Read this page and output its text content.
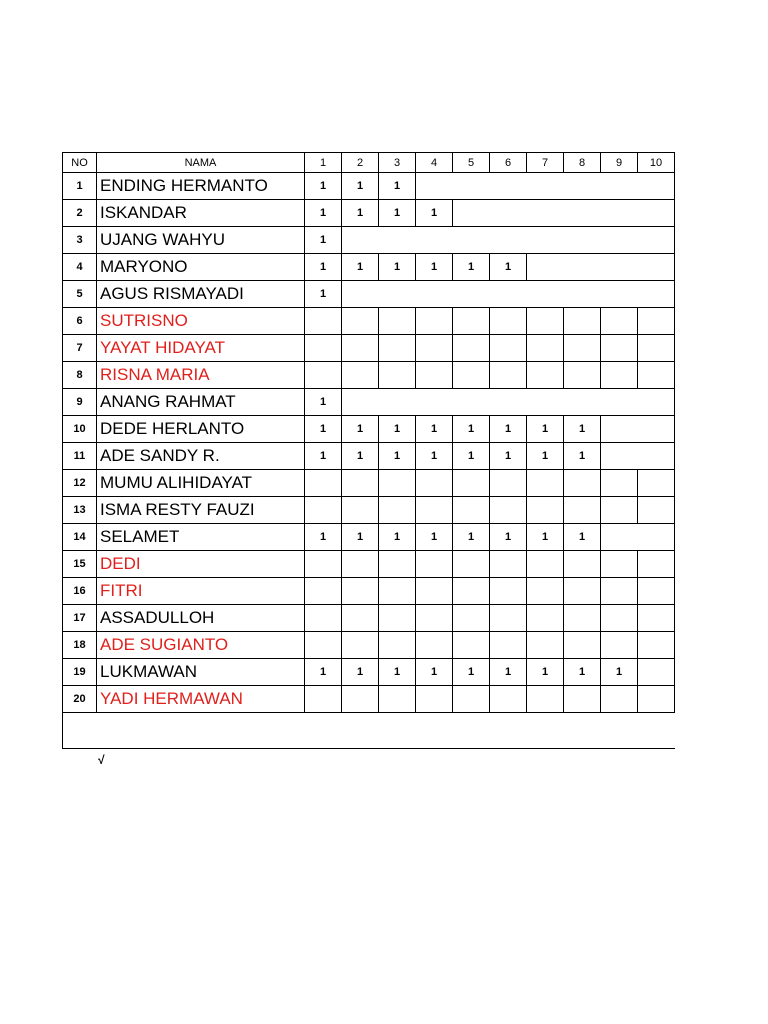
NO	NAMA	1	2	3	4	5	6	7	8	9	10
1	ENDING HERMANTO	1	1	1							
2	ISKANDAR	1	1	1	1						
3	UJANG WAHYU	1									
4	MARYONO	1	1	1	1	1	1				
5	AGUS RISMAYADI	1									
6	SUTRISNO										
7	YAYAT HIDAYAT										
8	RISNA MARIA										
9	ANANG RAHMAT	1									
10	DEDE HERLANTO	1	1	1	1	1	1	1	1		
11	ADE SANDY R.	1	1	1	1	1	1	1	1		
12	MUMU ALIHIDAYAT										
13	ISMA RESTY FAUZI										
14	SELAMET	1	1	1	1	1	1	1	1		
15	DEDI										
16	FITRI										
17	ASSADULLOH										
18	ADE SUGIANTO										
19	LUKMAWAN	1	1	1	1	1	1	1	1	1	
20	YADI HERMAWAN										

√
